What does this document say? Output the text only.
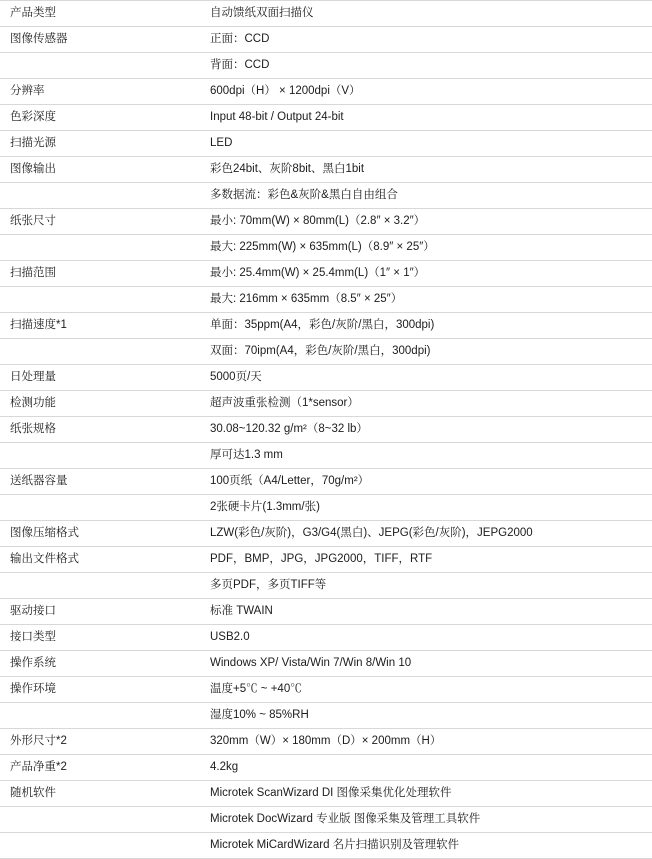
产品类型	自动馈纸双面扫描仪
图像传感器	正面：CCD
	背面：CCD
分辨率	600dpi（H） × 1200dpi（V）
色彩深度	Input 48-bit / Output 24-bit
扫描光源	LED
图像输出	彩色24bit、灰阶8bit、黑白1bit
	多数据流：彩色&灰阶&黑白自由组合
纸张尺寸	最小: 70mm(W) × 80mm(L)（2.8″ × 3.2″）
	最大: 225mm(W) × 635mm(L)（8.9″ × 25″）
扫描范围	最小: 25.4mm(W) × 25.4mm(L)（1″ × 1″）
	最大: 216mm × 635mm（8.5″ × 25″）
扫描速度*1	单面：35ppm(A4，彩色/灰阶/黑白，300dpi)
	双面：70ipm(A4，彩色/灰阶/黑白，300dpi)
日处理量	5000页/天
检测功能	超声波重张检测（1*sensor）
纸张规格	30.08~120.32 g/m²（8~32 lb）
	厚可达1.3 mm
送纸器容量	100页纸（A4/Letter，70g/m²）
	2张硬卡片(1.3mm/张)
图像压缩格式	LZW(彩色/灰阶)，G3/G4(黑白)、JEPG(彩色/灰阶)，JEPG2000
输出文件格式	PDF，BMP，JPG，JPG2000，TIFF，RTF
	多页PDF，多页TIFF等
驱动接口	标准 TWAIN
接口类型	USB2.0
操作系统	Windows XP/ Vista/Win 7/Win 8/Win 10
操作环境	温度+5℃ ~ +40℃
	湿度10% ~ 85%RH
外形尺寸*2	320mm（W）× 180mm（D）× 200mm（H）
产品净重*2	4.2kg
随机软件	Microtek ScanWizard DI 图像采集优化处理软件
	Microtek DocWizard 专业版 图像采集及管理工具软件
	Microtek MiCardWizard 名片扫描识别及管理软件
